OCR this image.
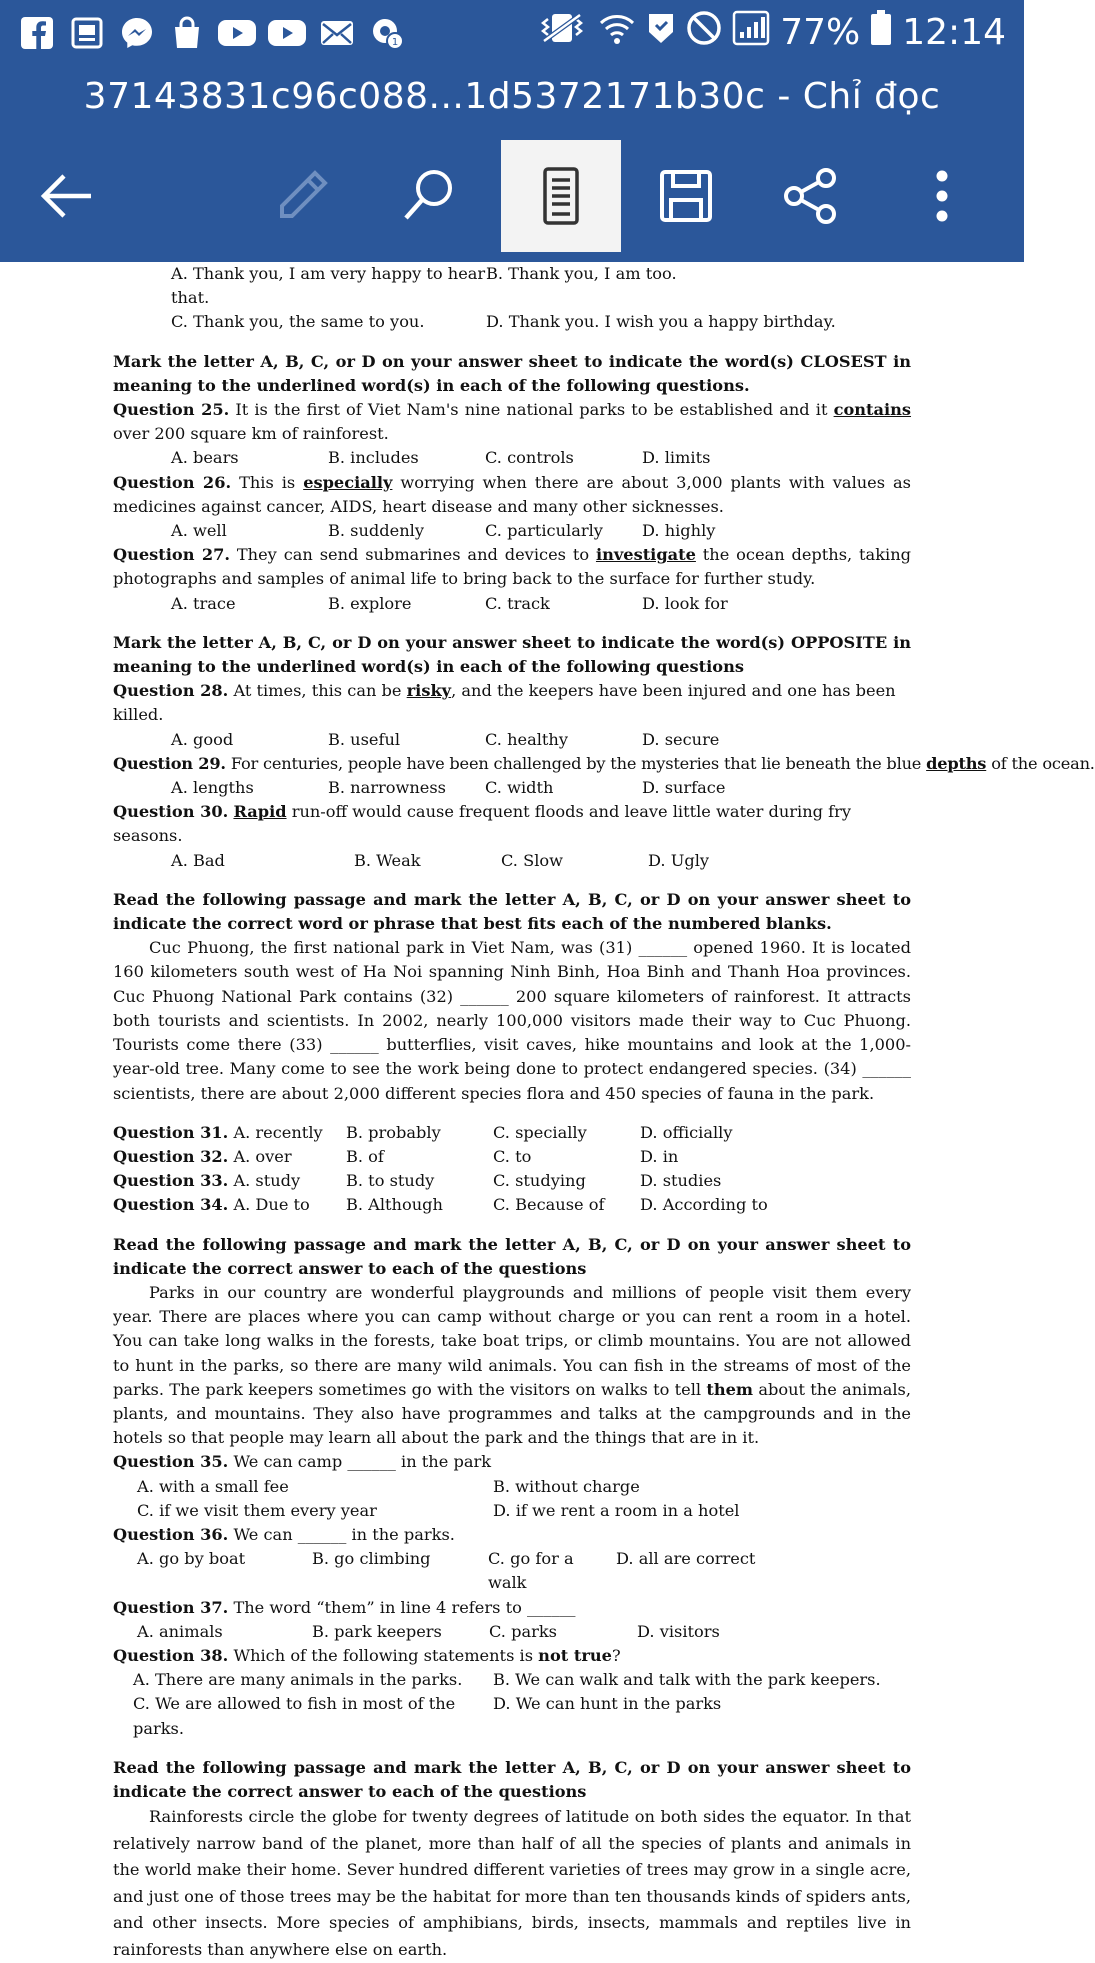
1	77% 12:14
37143831c96c088...1d5372171b30c - Chỉ đọc
A. Thank you, I am very happy to hear that.
B. Thank you, I am too.
C. Thank you, the same to you.	D. Thank you. I wish you a happy birthday.

Mark the letter A, B, C, or D on your answer sheet to indicate the word(s) CLOSEST in meaning to the underlined word(s) in each of the following questions.

Question 25. It is the first of Viet Nam's nine national parks to be established and it contains over 200 square km of rainforest.

A. bears	B. includes	C. controls	D. limits

Question 26. This is especially worrying when there are about 3,000 plants with values as medicines against cancer, AIDS, heart disease and many other sicknesses.

A. well	B. suddenly	C. particularly	D. highly

Question 27. They can send submarines and devices to investigate the ocean depths, taking photographs and samples of animal life to bring back to the surface for further study.

A. trace	B. explore	C. track	D. look for

Mark the letter A, B, C, or D on your answer sheet to indicate the word(s) OPPOSITE in meaning to the underlined word(s) in each of the following questions

Question 28. At times, this can be risky, and the keepers have been injured and one has been killed.

A. good	B. useful	C. healthy	D. secure

Question 29. For centuries, people have been challenged by the mysteries that lie beneath the blue depths of the ocean.

A. lengths	B. narrowness	C. width	D. surface

Question 30. Rapid run-off would cause frequent floods and leave little water during fry seasons.

A. Bad	B. Weak	C. Slow	D. Ugly

Read the following passage and mark the letter A, B, C, or D on your answer sheet to indicate the correct word or phrase that best fits each of the numbered blanks.

Cuc Phuong, the first national park in Viet Nam, was (31) ______ opened 1960. It is located 160 kilometers south west of Ha Noi spanning Ninh Binh, Hoa Binh and Thanh Hoa provinces. Cuc Phuong National Park contains (32) ______ 200 square kilometers of rainforest. It attracts both tourists and scientists. In 2002, nearly 100,000 visitors made their way to Cuc Phuong. Tourists come there (33) ______ butterflies, visit caves, hike mountains and look at the 1,000-year-old tree. Many come to see the work being done to protect endangered species. (34) ______ scientists, there are about 2,000 different species flora and 450 species of fauna in the park.

Question 31. A. recently	B. probably	C. specially	D. officially
Question 32. A. over	B. of	C. to	D. in
Question 33. A. study	B. to study	C. studying	D. studies
Question 34. A. Due to	B. Although	C. Because of	D. According to

Read the following passage and mark the letter A, B, C, or D on your answer sheet to indicate the correct answer to each of the questions

Parks in our country are wonderful playgrounds and millions of people visit them every year. There are places where you can camp without charge or you can rent a room in a hotel. You can take long walks in the forests, take boat trips, or climb mountains. You are not allowed to hunt in the parks, so there are many wild animals. You can fish in the streams of most of the parks. The park keepers sometimes go with the visitors on walks to tell them about the animals, plants, and mountains. They also have programmes and talks at the campgrounds and in the hotels so that people may learn all about the park and the things that are in it.

Question 35. We can camp ______ in the park

A. with a small fee	B. without charge
C. if we visit them every year	D. if we rent a room in a hotel

Question 36. We can ______ in the parks.

A. go by boat	B. go climbing	C. go for a walk
D. all are correct

Question 37. The word “them” in line 4 refers to ______

A. animals	B. park keepers	C. parks	D. visitors

Question 38. Which of the following statements is not true?

A. There are many animals in the parks.	B. We can walk and talk with the park keepers.
C. We are allowed to fish in most of the parks.
D. We can hunt in the parks

Read the following passage and mark the letter A, B, C, or D on your answer sheet to indicate the correct answer to each of the questions

Rainforests circle the globe for twenty degrees of latitude on both sides the equator. In that relatively narrow band of the planet, more than half of all the species of plants and animals in the world make their home. Sever hundred different varieties of trees may grow in a single acre, and just one of those trees may be the habitat for more than ten thousands kinds of spiders ants, and other insects. More species of amphibians, birds, insects, mammals and reptiles live in rainforests than anywhere else on earth.
